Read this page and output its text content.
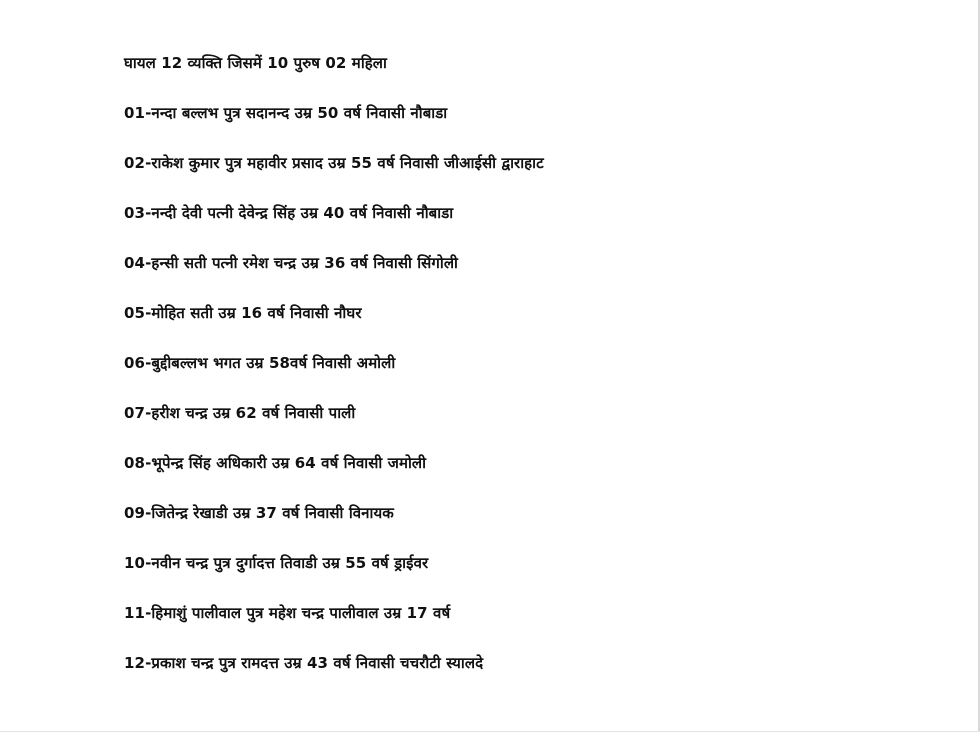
घायल 12 व्यक्ति जिसमें 10 पुरुष 02 महिला
01-नन्दा बल्लभ पुत्र सदानन्द उम्र 50 वर्ष निवासी नौबाडा
02-राकेश कुमार पुत्र महावीर प्रसाद उम्र 55 वर्ष निवासी जीआईसी द्वाराहाट
03-नन्दी देवी पत्नी देवेन्द्र सिंह उम्र 40 वर्ष निवासी नौबाडा
04-हन्सी सती पत्नी रमेश चन्द्र उम्र 36 वर्ष निवासी सिंगोली
05-मोहित सती उम्र 16 वर्ष निवासी नौघर
06-बुद्दीबल्लभ भगत उम्र 58वर्ष निवासी अमोली
07-हरीश चन्द्र उम्र 62 वर्ष निवासी पाली
08-भूपेन्द्र सिंह अधिकारी उम्र 64 वर्ष निवासी जमोली
09-जितेन्द्र रेखाडी उम्र 37 वर्ष निवासी विनायक
10-नवीन चन्द्र पुत्र दुर्गादत्त तिवाडी उम्र 55 वर्ष ड्राईवर
11-हिमाशुं पालीवाल पुत्र महेश चन्द्र पालीवाल उम्र 17 वर्ष
12-प्रकाश चन्द्र पुत्र रामदत्त उम्र 43 वर्ष निवासी चचरौटी स्यालदे
